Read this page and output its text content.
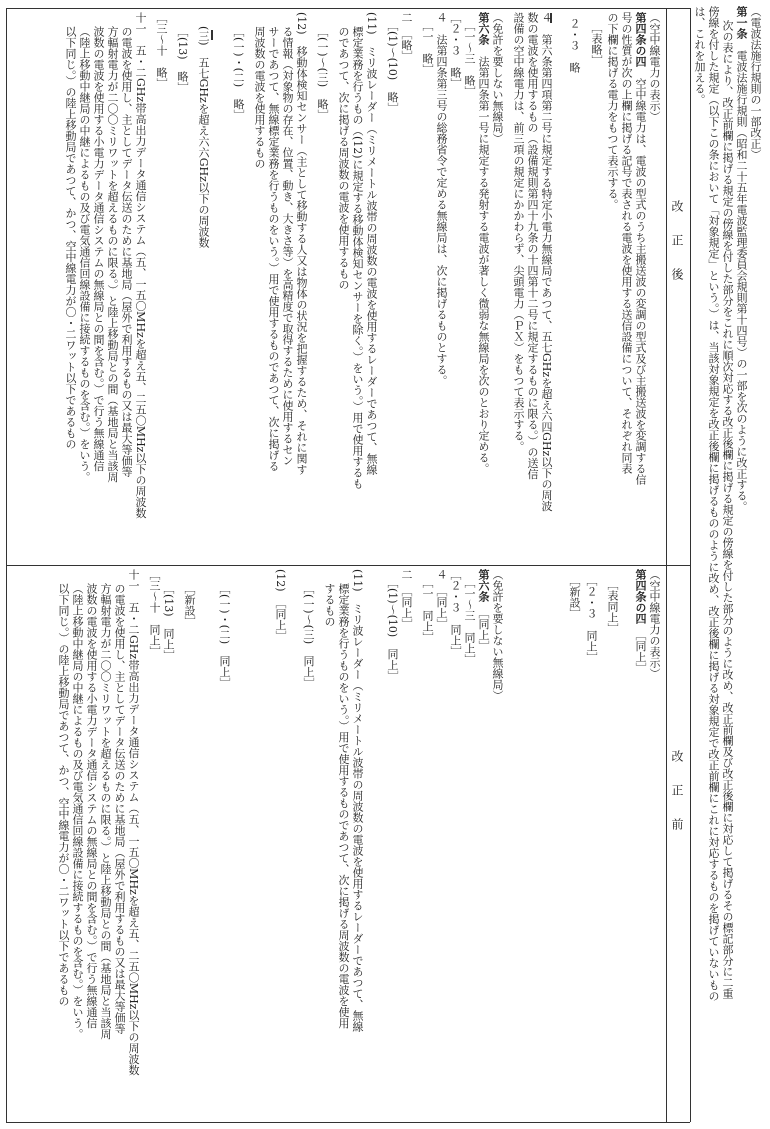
（電波法施行規則の一部改正）
第一条　電波法施行規則（昭和二十五年電波監理委員会規則第十四号）の一部を次のように改正する。
次の表により、改正前欄に掲げる規定の傍線を付した部分をこれに順次対応する改正後欄に掲げる規定の傍線を付した部分のように改め、改正前欄及び改正後欄に対応して掲げるその標記部分に二重
傍線を付した規定（以下この条において「対象規定」という。）は、当該対象規定を改正後欄に掲げるもののように改め、改正後欄に掲げる対象規定で改正前欄にこれに対応するものを掲げていないもの
は、これを加える。
改正後
改正前
（空中線電力の表示）
第四条の四　空中線電力は、電波の型式のうち主搬送波の変調の型式及び主搬送波を変調する信
号の性質が次の上欄に掲げる記号で表される電波を使用する送信設備について、それぞれ同表
の下欄に掲げる電力をもつて表示する。
［表略］
２・３　略
４　第六条第四項第二号に規定する特定小電力無線局であつて、五七GHzを超え六四GHz以下の周波
数の電波を使用するもの（設備規則第四十九条の十四第十二号に規定するものに限る。）の送信
設備の空中線電力は、前三項の規定にかかわらず、尖頭電力（ＰＸ）をもつて表示する。
（免許を要しない無線局）
第六条　法第四条第一号に規定する発射する電波が著しく微弱な無線局を次のとおり定める。
［一～三　略］
［２・３　略］
４　法第四条第三号の総務省令で定める無線局は、次に掲げるものとする。
［一　略］
二　［略］
［(1)～(10)　略］
(11)　ミリ波レーダー（ミリメートル波帯の周波数の電波を使用するレーダーであつて、無線
標定業務を行うもの（(12)に規定する移動体検知センサーを除く。）をいう。）用で使用するも
のであつて、次に掲げる周波数の電波を使用するもの
［(一)～(三)　略］
(12)　移動体検知センサー（主として移動する人又は物体の状況を把握するため、それに関す
る情報（対象物の存在、位置、動き、大きさ等）を高精度で取得するために使用するセン
サーであつて、無線標定業務を行うものをいう。）用で使用するものであつて、次に掲げる
周波数の電波を使用するもの
［(一)・(二)　略］
(三)　五七GHzを超え六六GHz以下の周波数
［(13)　略］
［三～十　略］
十一　五・二GHz帯高出力データ通信システム（五、一五〇MHzを超え五、二五〇MHz以下の周波数
の電波を使用し、主としてデータ伝送のために基地局（屋外で利用するもの又は最大等価等
方輻射電力が二〇〇ミリワットを超えるものに限る。）と陸上移動局との間（基地局と当該周
波数の電波を使用する小電力データ通信システムの無線局との間を含む。）で行う無線通信
（陸上移動中継局の中継によるもの及び電気通信回線設備に接続するものを含む。）をいう。
以下同じ。）の陸上移動局であつて、かつ、空中線電力が〇・二ワット以下であるもの
（空中線電力の表示）
第四条の四　［同上］
［表同上］
［２・３　同上］
［新設］
（免許を要しない無線局）
第六条　［同上］
［一～三　同上］
［２・３　同上］
４　［同上］
［一　同上］
二　［同上］
［(1)～(10)　同上］
(11)　ミリ波レーダー（ミリメートル波帯の周波数の電波を使用するレーダーであつて、無線
標定業務を行うものをいう。）用で使用するものであつて、次に掲げる周波数の電波を使用
するもの
［(一)～(三)　同上］
(12)　［同上］
［(一)・(二)　同上］
［新設］
［(13)　同上］
［三～十　同上］
十一　五・二GHz帯高出力データ通信システム（五、一五〇MHzを超え五、二五〇MHz以下の周波数
の電波を使用し、主としてデータ伝送のために基地局（屋外で利用するもの又は最大等価等
方輻射電力が二〇〇ミリワットを超えるものに限る。）と陸上移動局との間（基地局と当該周
波数の電波を使用する小電力データ通信システムの無線局との間を含む。）で行う無線通信
（陸上移動中継局の中継によるもの及び電気通信回線設備に接続するものを含む。）をいう。
以下同じ。）の陸上移動局であつて、かつ、空中線電力が〇・二ワット以下であるもの
